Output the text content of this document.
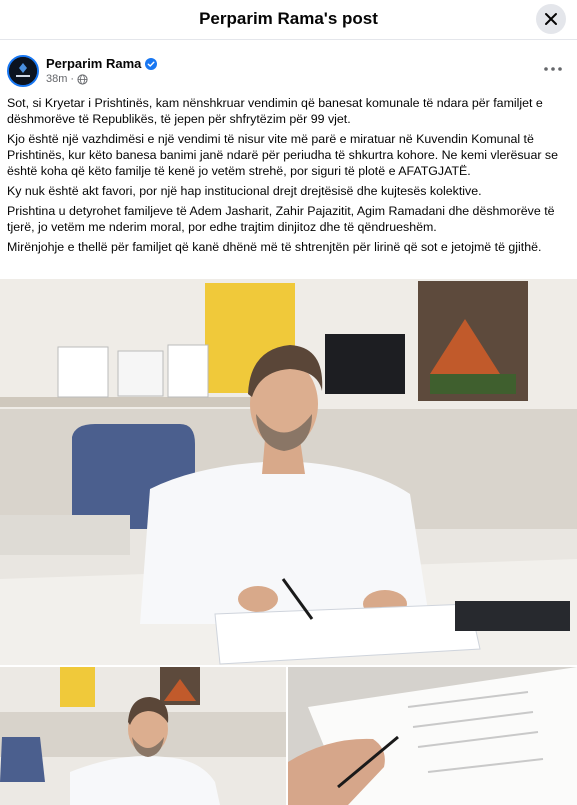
Perparim Rama's post
Perparim Rama
38m ·

Sot, si Kryetar i Prishtinës, kam nënshkruar vendimin që banesat komunale të ndara për familjet e dëshmorëve të Republikës, të jepen për shfrytëzim për 99 vjet.

Kjo është një vazhdimësi e një vendimi të nisur vite më parë e miratuar në Kuvendin Komunal të Prishtinës, kur këto banesa banimi janë ndarë për periudha të shkurtra kohore. Ne kemi vlerësuar se është koha që këto familje të kenë jo vetëm strehë, por siguri të plotë e AFATGJATË.

Ky nuk është akt favori, por një hap institucional drejt drejtësisë dhe kujtesës kolektive.

Prishtina u detyrohet familjeve të Adem Jasharit, Zahir Pajazitit, Agim Ramadani dhe dëshmorëve të tjerë, jo vetëm me nderim moral, por edhe trajtim dinjitoz dhe të qëndrueshëm.

Mirënjohje e thellë për familjet që kanë dhënë më të shtrenjtën për lirinë që sot e jetojmë të gjithë.
